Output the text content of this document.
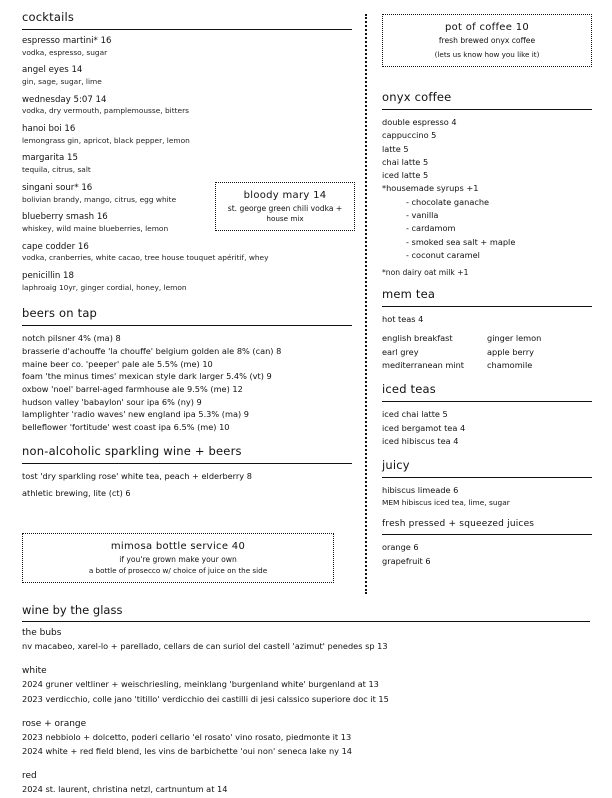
cocktails
espresso martini* 16
vodka, espresso, sugar
angel eyes 14
gin, sage, sugar, lime
wednesday 5:07 14
vodka, dry vermouth, pamplemousse, bitters
hanoi boi 16
lemongrass gin, apricot, black pepper, lemon
margarita 15
tequila, citrus, salt
singani sour* 16
bolivian brandy, mango, citrus, egg white
blueberry smash 16
whiskey, wild maine blueberries, lemon
cape codder 16
vodka, cranberries, white cacao, tree house touquet apéritif, whey
penicillin 18
laphroaig 10yr, ginger cordial, honey, lemon
beers on tap

notch pilsner 4% (ma) 8

brasserie d'achouffe 'la chouffe' belgium golden ale 8% (can) 8

maine beer co. 'peeper' pale ale 5.5% (me) 10

foam 'the minus times' mexican style dark larger 5.4% (vt) 9

oxbow 'noel' barrel-aged farmhouse ale 9.5% (me) 12

hudson valley 'babaylon' sour ipa 6% (ny) 9

lamplighter 'radio waves' new england ipa 5.3% (ma) 9

belleflower 'fortitude' west coast ipa 6.5% (me) 10

non-alcoholic sparkling wine + beers

tost 'dry sparkling rose' white tea, peach + elderberry 8

athletic brewing, lite (ct) 6

bloody mary 14
st. george green chili vodka +
house mix
mimosa bottle service 40
if you're grown make your own
a bottle of prosecco w/ choice of juice on the side
pot of coffee 10
fresh brewed onyx coffee
(lets us know how you like it)
onyx coffee
double espresso 4
cappuccino 5
latte 5
chai latte 5
iced latte 5
*housemade syrups +1
- chocolate ganache
- vanilla
- cardamom
- smoked sea salt + maple
- coconut caramel
*non dairy oat milk +1
mem tea
hot teas 4
english breakfast	ginger lemon
earl grey	apple berry
mediterranean mint	chamomile
iced teas
iced chai latte 5
iced bergamot tea 4
iced hibiscus tea 4
juicy
hibiscus limeade 6
MEM hibiscus iced tea, lime, sugar
fresh pressed + squeezed juices
orange 6
grapefruit 6
wine by the glass
the bubs

nv macabeo, xarel-lo + parellado, cellars de can suriol del castell 'azimut' penedes sp 13

white

2024 gruner veltliner + weischriesling, meinklang 'burgenland white' burgenland at 13

2023 verdicchio, colle jano 'titillo' verdicchio dei castilli di jesi calssico superiore doc it 15

rose + orange

2023 nebbiolo + dolcetto, poderi cellario 'el rosato' vino rosato, piedmonte it 13

2024 white + red field blend, les vins de barbichette 'oui non' seneca lake ny 14

red

2024 st. laurent, christina netzl, cartnuntum at 14
